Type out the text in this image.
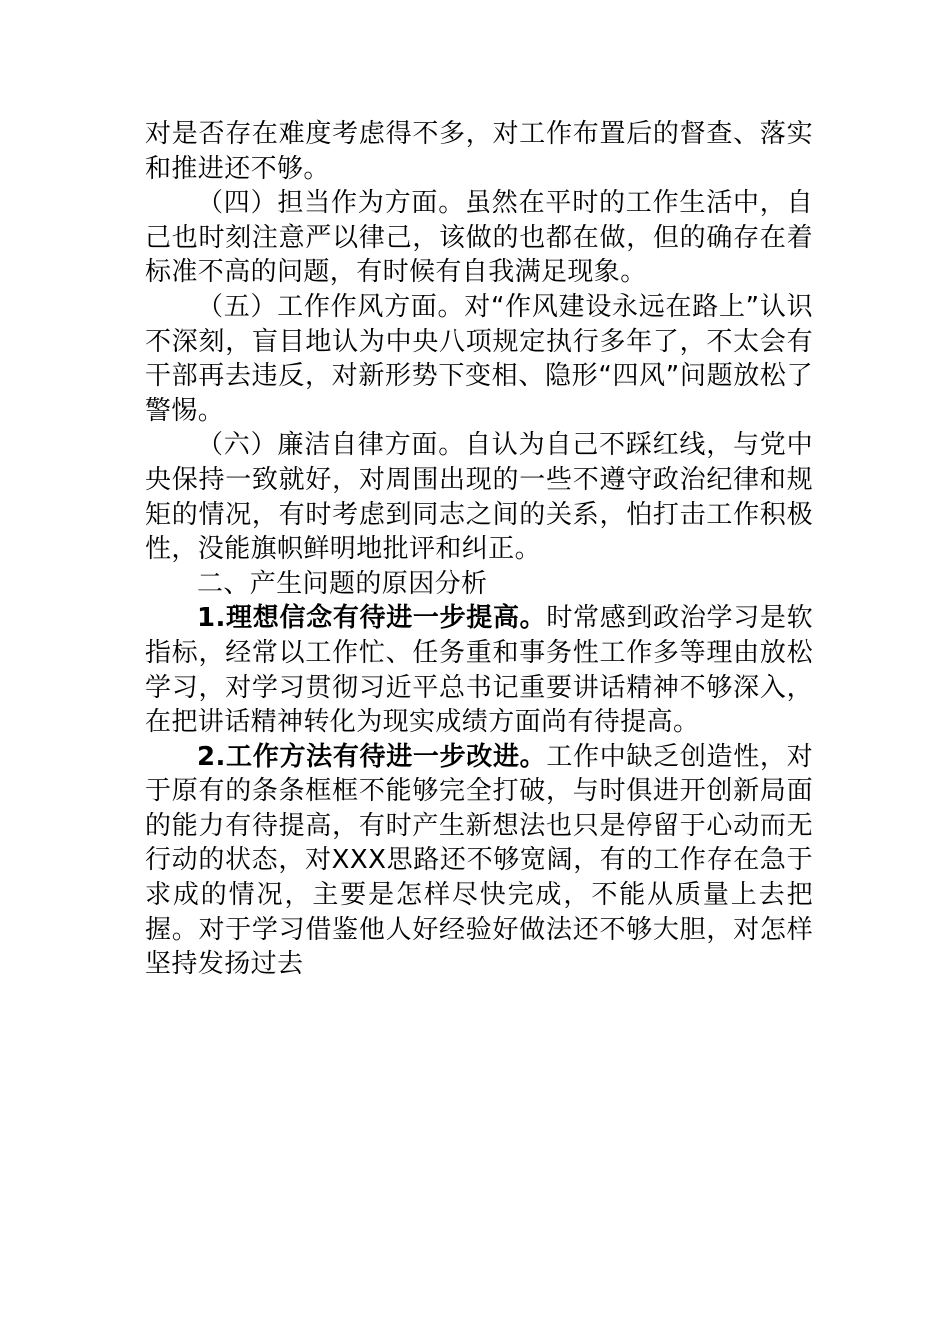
对是否存在难度考虑得不多，对工作布置后的督查、落实和推进还不够。

（四）担当作为方面。虽然在平时的工作生活中，自己也时刻注意严以律己，该做的也都在做，但的确存在着标准不高的问题，有时候有自我满足现象。

（五）工作作风方面。对“作风建设永远在路上”认识不深刻，盲目地认为中央八项规定执行多年了，不太会有干部再去违反，对新形势下变相、隐形“四风”问题放松了警惕。

（六）廉洁自律方面。自认为自己不踩红线，与党中央保持一致就好，对周围出现的一些不遵守政治纪律和规矩的情况，有时考虑到同志之间的关系，怕打击工作积极性，没能旗帜鲜明地批评和纠正。

二、产生问题的原因分析

1.理想信念有待进一步提高。时常感到政治学习是软指标，经常以工作忙、任务重和事务性工作多等理由放松学习，对学习贯彻习近平总书记重要讲话精神不够深入，在把讲话精神转化为现实成绩方面尚有待提高。

2.工作方法有待进一步改进。工作中缺乏创造性，对于原有的条条框框不能够完全打破，与时俱进开创新局面的能力有待提高，有时产生新想法也只是停留于心动而无行动的状态，对XXX思路还不够宽阔，有的工作存在急于求成的情况，主要是怎样尽快完成，不能从质量上去把握。对于学习借鉴他人好经验好做法还不够大胆，对怎样坚持发扬过去
